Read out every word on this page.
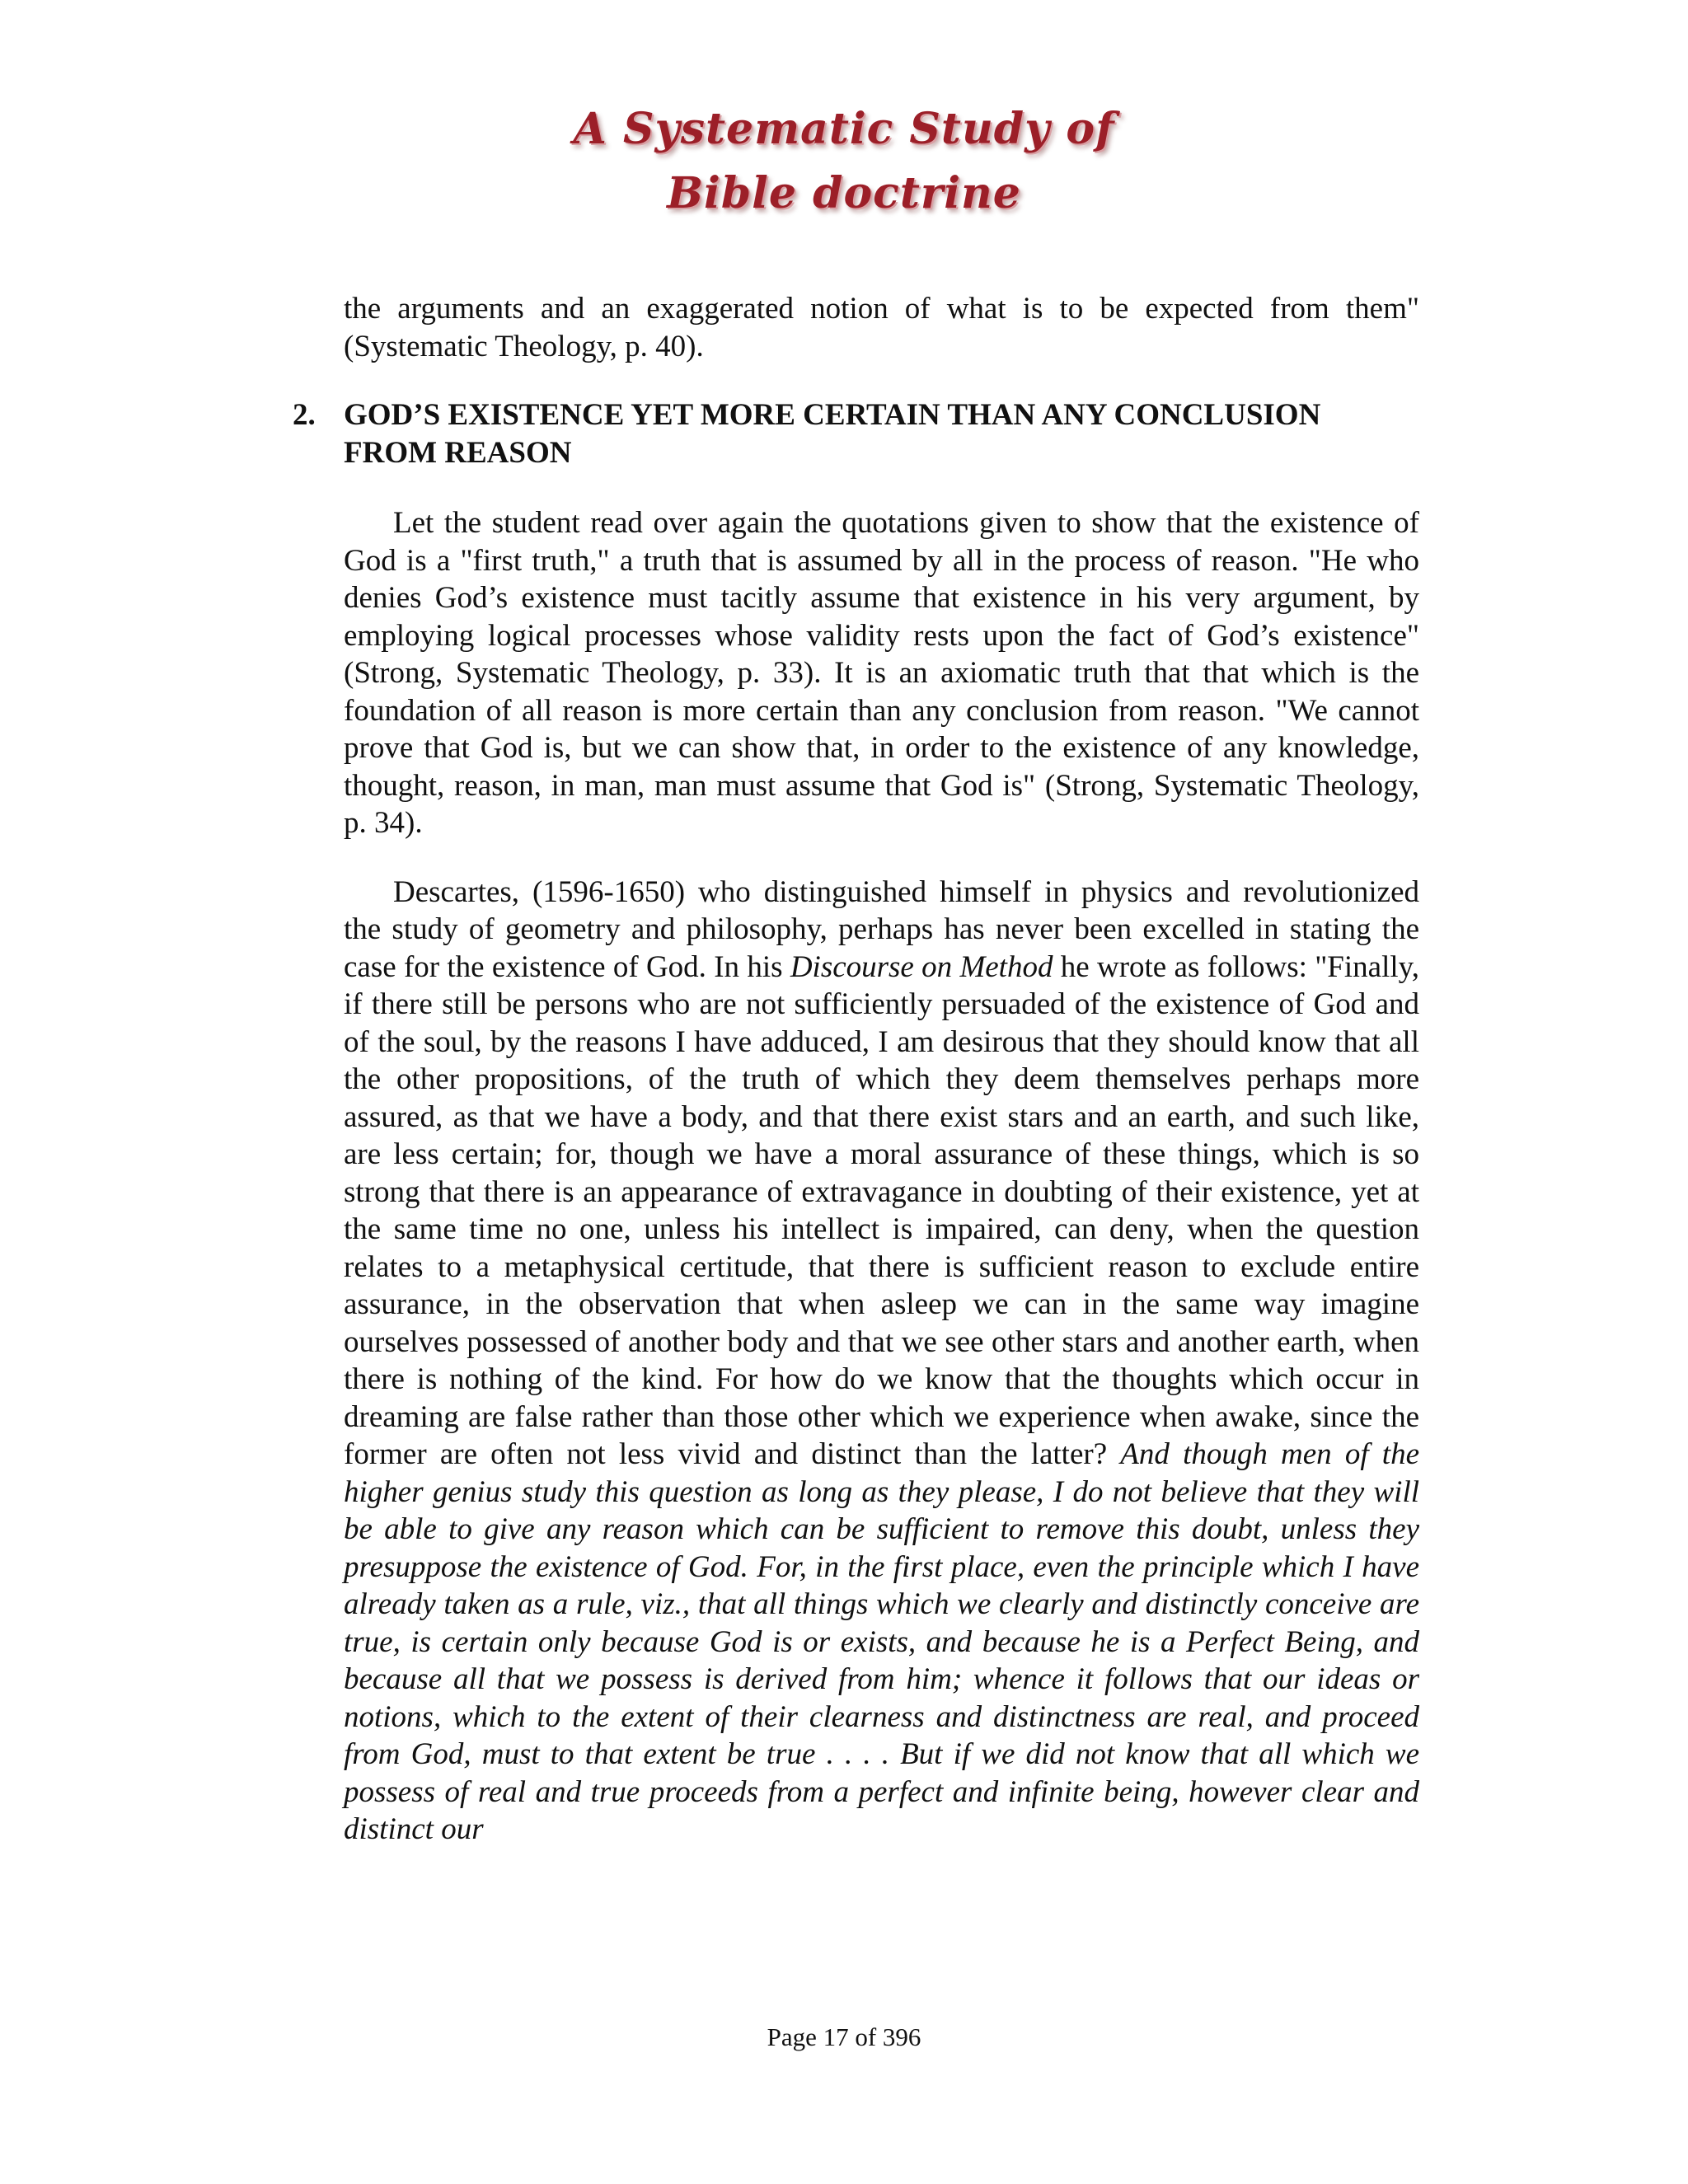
A Systematic Study of
Bible doctrine

the arguments and an exaggerated notion of what is to be expected from them" (Systematic Theology, p. 40).

2. GOD’S EXISTENCE YET MORE CERTAIN THAN ANY CONCLUSION FROM REASON

Let the student read over again the quotations given to show that the existence of God is a "first truth," a truth that is assumed by all in the process of reason. "He who denies God’s existence must tacitly assume that existence in his very argument, by employing logical processes whose validity rests upon the fact of God’s existence" (Strong, Systematic Theology, p. 33). It is an axiomatic truth that that which is the foundation of all reason is more certain than any conclusion from reason. "We cannot prove that God is, but we can show that, in order to the existence of any knowledge, thought, reason, in man, man must assume that God is" (Strong, Systematic Theology, p. 34).

Descartes, (1596-1650) who distinguished himself in physics and revolutionized the study of geometry and philosophy, perhaps has never been excelled in stating the case for the existence of God. In his Discourse on Method he wrote as follows: "Finally, if there still be persons who are not sufficiently persuaded of the existence of God and of the soul, by the reasons I have adduced, I am desirous that they should know that all the other propositions, of the truth of which they deem themselves perhaps more assured, as that we have a body, and that there exist stars and an earth, and such like, are less certain; for, though we have a moral assurance of these things, which is so strong that there is an appearance of extravagance in doubting of their existence, yet at the same time no one, unless his intellect is impaired, can deny, when the question relates to a metaphysical certitude, that there is sufficient reason to exclude entire assurance, in the observation that when asleep we can in the same way imagine ourselves possessed of another body and that we see other stars and another earth, when there is nothing of the kind. For how do we know that the thoughts which occur in dreaming are false rather than those other which we experience when awake, since the former are often not less vivid and distinct than the latter? And though men of the higher genius study this question as long as they please, I do not believe that they will be able to give any reason which can be sufficient to remove this doubt, unless they presuppose the existence of God. For, in the first place, even the principle which I have already taken as a rule, viz., that all things which we clearly and distinctly conceive are true, is certain only because God is or exists, and because he is a Perfect Being, and because all that we possess is derived from him; whence it follows that our ideas or notions, which to the extent of their clearness and distinctness are real, and proceed from God, must to that extent be true . . . . But if we did not know that all which we possess of real and true proceeds from a perfect and infinite being, however clear and distinct our

Page 17 of 396
